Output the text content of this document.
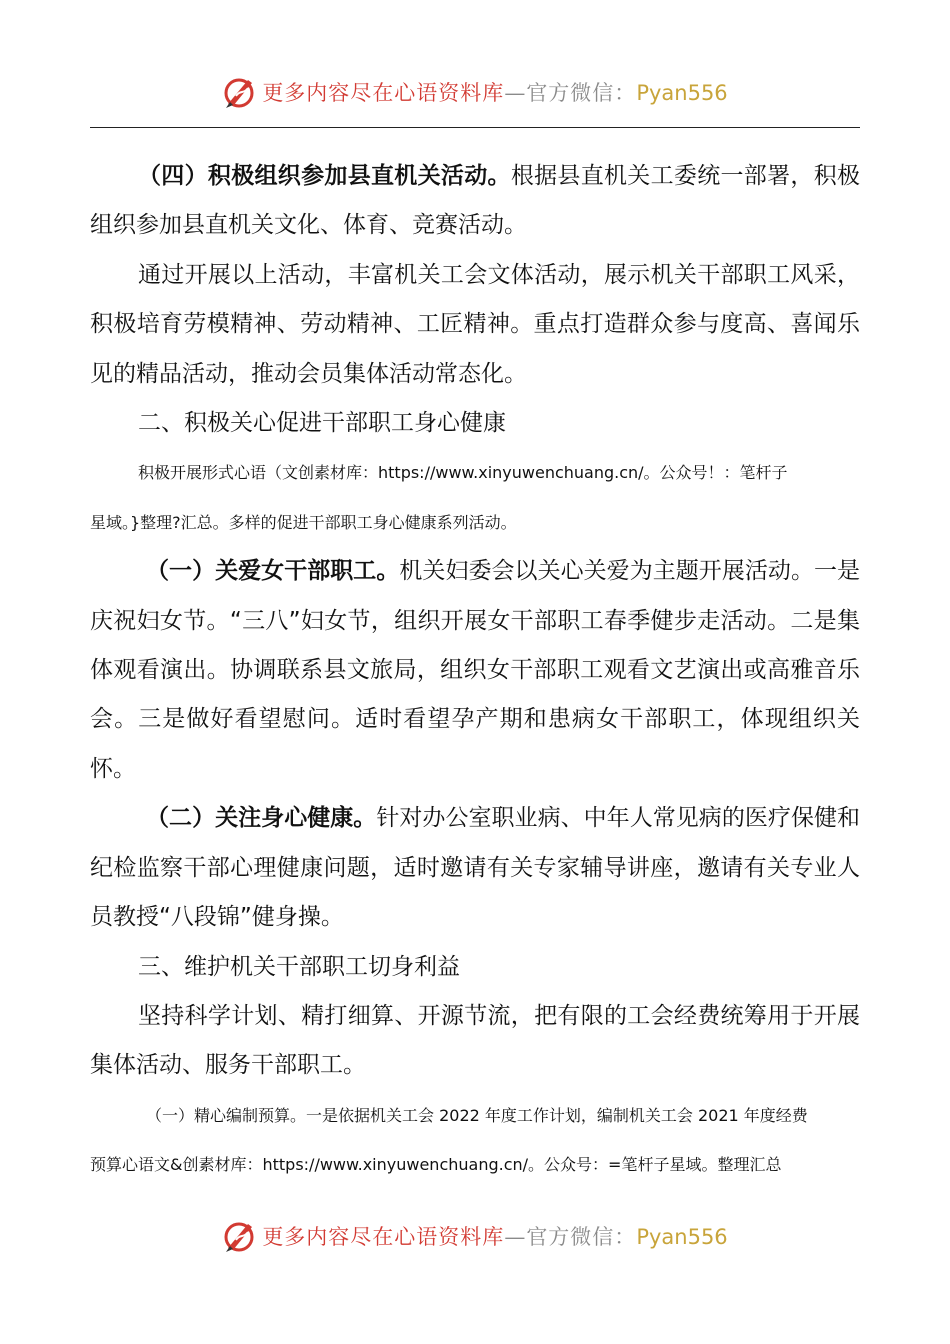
更多内容尽在心语资料库—官方微信：Pyan556

（四）积极组织参加县直机关活动。根据县直机关工委统一部署，积极组织参加县直机关文化、体育、竞赛活动。

通过开展以上活动，丰富机关工会文体活动，展示机关干部职工风采，积极培育劳模精神、劳动精神、工匠精神。重点打造群众参与度高、喜闻乐见的精品活动，推动会员集体活动常态化。

二、积极关心促进干部职工身心健康

积极开展形式心语（文创素材库：https://www.xinyuwenchuang.cn/。公众号！：笔杆子

星域。}整理?汇总。多样的促进干部职工身心健康系列活动。

（一）关爱女干部职工。机关妇委会以关心关爱为主题开展活动。一是庆祝妇女节。“三八”妇女节，组织开展女干部职工春季健步走活动。二是集体观看演出。协调联系县文旅局，组织女干部职工观看文艺演出或高雅音乐会。三是做好看望慰问。适时看望孕产期和患病女干部职工，体现组织关怀。

（二）关注身心健康。针对办公室职业病、中年人常见病的医疗保健和纪检监察干部心理健康问题，适时邀请有关专家辅导讲座，邀请有关专业人员教授“八段锦”健身操。

三、维护机关干部职工切身利益

坚持科学计划、精打细算、开源节流，把有限的工会经费统筹用于开展集体活动、服务干部职工。

（一）精心编制预算。一是依据机关工会 2022 年度工作计划，编制机关工会 2021 年度经费

预算心语文&创素材库：https://www.xinyuwenchuang.cn/。公众号：=笔杆子星域。整理汇总

更多内容尽在心语资料库—官方微信：Pyan556
